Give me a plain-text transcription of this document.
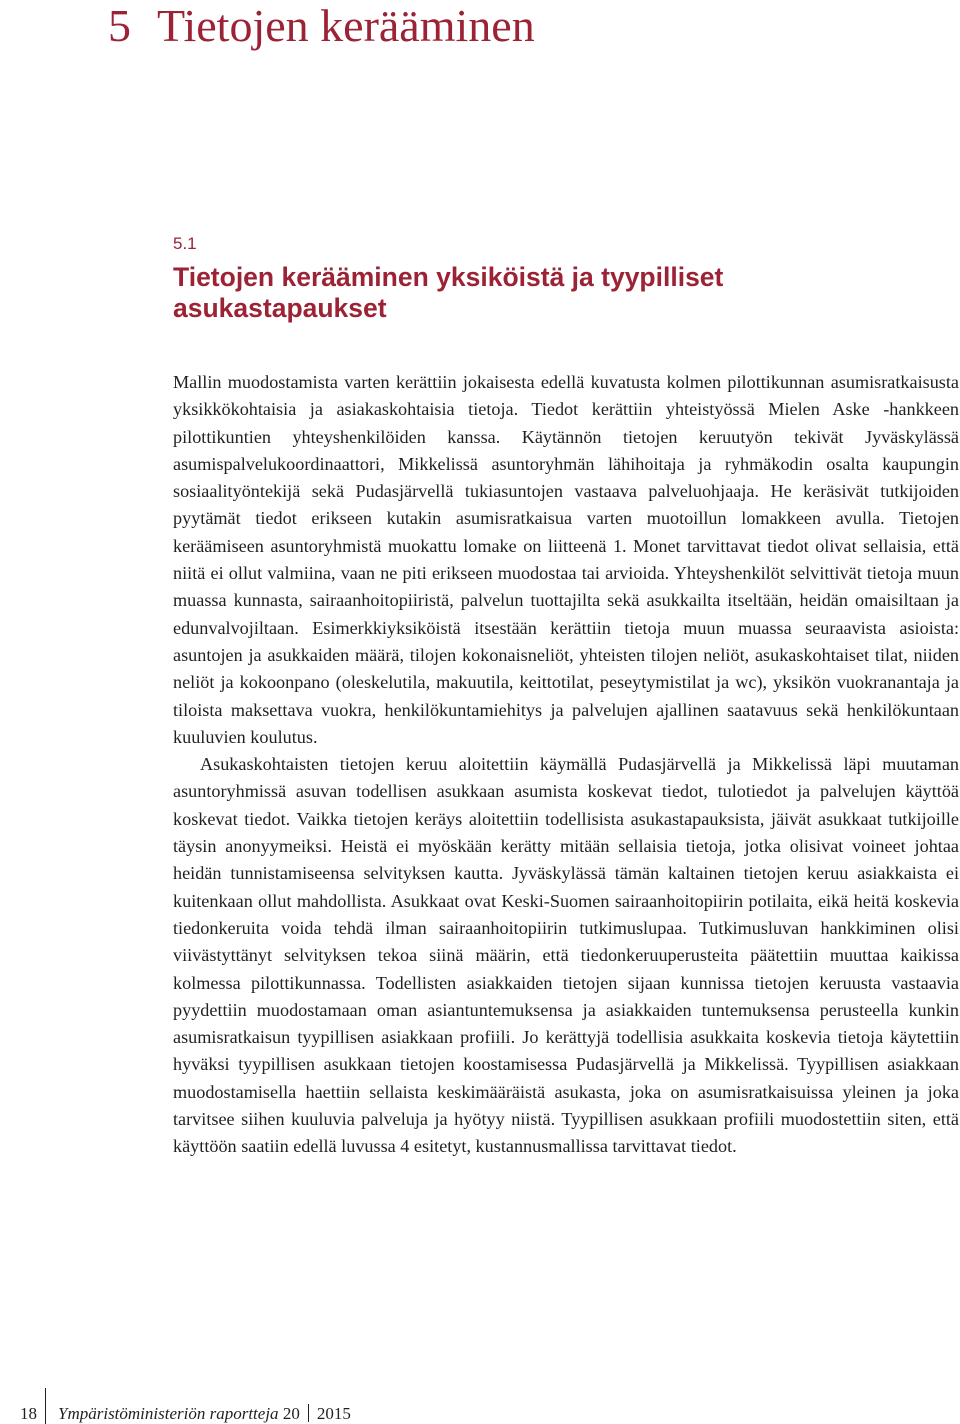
5 Tietojen kerääminen
5.1
Tietojen kerääminen yksiköistä ja tyypilliset asukastapaukset

Mallin muodostamista varten kerättiin jokaisesta edellä kuvatusta kolmen pilottikunnan asumisratkaisusta yksikkökohtaisia ja asiakaskohtaisia tietoja. Tiedot kerättiin yhteistyössä Mielen Aske -hankkeen pilottikuntien yhteyshenkilöiden kanssa. Käytännön tietojen keruutyön tekivät Jyväskylässä asumispalvelukoordinaattori, Mikkelissä asuntoryhmän lähihoitaja ja ryhmäkodin osalta kaupungin sosiaalityöntekijä sekä Pudasjärvellä tukiasuntojen vastaava palveluohjaaja. He keräsivät tutkijoiden pyytämät tiedot erikseen kutakin asumisratkaisua varten muotoillun lomakkeen avulla. Tietojen keräämiseen asuntoryhmistä muokattu lomake on liitteenä 1. Monet tarvittavat tiedot olivat sellaisia, että niitä ei ollut valmiina, vaan ne piti erikseen muodostaa tai arvioida. Yhteyshenkilöt selvittivät tietoja muun muassa kunnasta, sairaanhoitopiiristä, palvelun tuottajilta sekä asukkailta itseltään, heidän omaisiltaan ja edunvalvojiltaan. Esimerkkiyksiköistä itsestään kerättiin tietoja muun muassa seuraavista asioista: asuntojen ja asukkaiden määrä, tilojen kokonaisneliöt, yhteisten tilojen neliöt, asukaskohtaiset tilat, niiden neliöt ja kokoonpano (oleskelutila, makuutila, keittotilat, peseytymistilat ja wc), yksikön vuokranantaja ja tiloista maksettava vuokra, henkilökuntamiehitys ja palvelujen ajallinen saatavuus sekä henkilökuntaan kuuluvien koulutus.

Asukaskohtaisten tietojen keruu aloitettiin käymällä Pudasjärvellä ja Mikkelissä läpi muutaman asuntoryhmissä asuvan todellisen asukkaan asumista koskevat tiedot, tulotiedot ja palvelujen käyttöä koskevat tiedot. Vaikka tietojen keräys aloitettiin todellisista asukastapauksista, jäivät asukkaat tutkijoille täysin anonyymeiksi. Heistä ei myöskään kerätty mitään sellaisia tietoja, jotka olisivat voineet johtaa heidän tunnistamiseensa selvityksen kautta. Jyväskylässä tämän kaltainen tietojen keruu asiakkaista ei kuitenkaan ollut mahdollista. Asukkaat ovat Keski-Suomen sairaanhoitopiirin potilaita, eikä heitä koskevia tiedonkeruita voida tehdä ilman sairaanhoitopiirin tutkimuslupaa. Tutkimusluvan hankkiminen olisi viivästyttänyt selvityksen tekoa siinä määrin, että tiedonkeruuperusteita päätettiin muuttaa kaikissa kolmessa pilottikunnassa. Todellisten asiakkaiden tietojen sijaan kunnissa tietojen keruusta vastaavia pyydettiin muodostamaan oman asiantuntemuksensa ja asiakkaiden tuntemuksensa perusteella kunkin asumisratkaisun tyypillisen asiakkaan profiili. Jo kerättyjä todellisia asukkaita koskevia tietoja käytettiin hyväksi tyypillisen asukkaan tietojen koostamisessa Pudasjärvellä ja Mikkelissä. Tyypillisen asiakkaan muodostamisella haettiin sellaista keskimääräistä asukasta, joka on asumisratkaisuissa yleinen ja joka tarvitsee siihen kuuluvia palveluja ja hyötyy niistä. Tyypillisen asukkaan profiili muodostettiin siten, että käyttöön saatiin edellä luvussa 4 esitetyt, kustannusmallissa tarvittavat tiedot.

18 Ympäristöministeriön raportteja 20 2015
